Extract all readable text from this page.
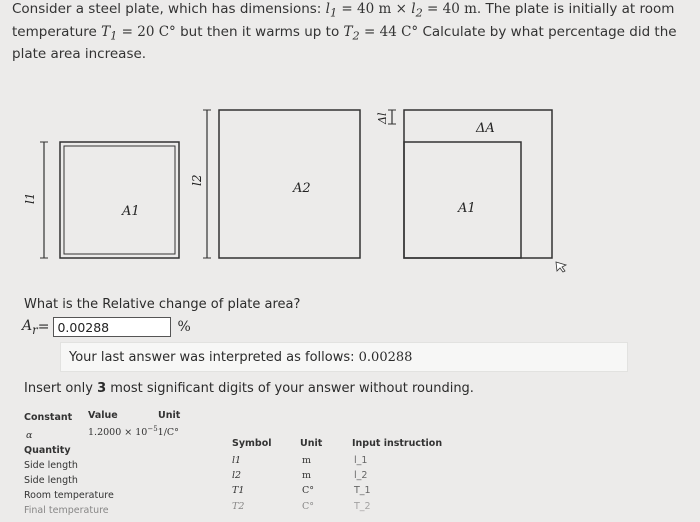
Consider a steel plate, which has dimensions: $l_1 = 40$ $m \times l_2 = 40$ m. The plate is initially at room

temperature $T_1 = 20$ C° but then it warms up to $T_2 = 44$ C° Calculate by what percentage did the

plate area increase.

l1
A1
l2
A2
Δl
ΔA
A1
What is the Relative change of plate area?
$A_r$ =
0.00288	%
Your last answer was interpreted as follows: 0.00288
Insert only 3 most significant digits of your answer without rounding.
Constant Value	Unit
α	$1.2000 \times 10^{-5}1/C^\circ$
Quantity
Symbol	Unit	Input instruction
Side length	l1	m	l_1
Side length	l2	m	l_2
Room temperature	T1	C°	T_1
Final temperature	T2	C°	T_2
